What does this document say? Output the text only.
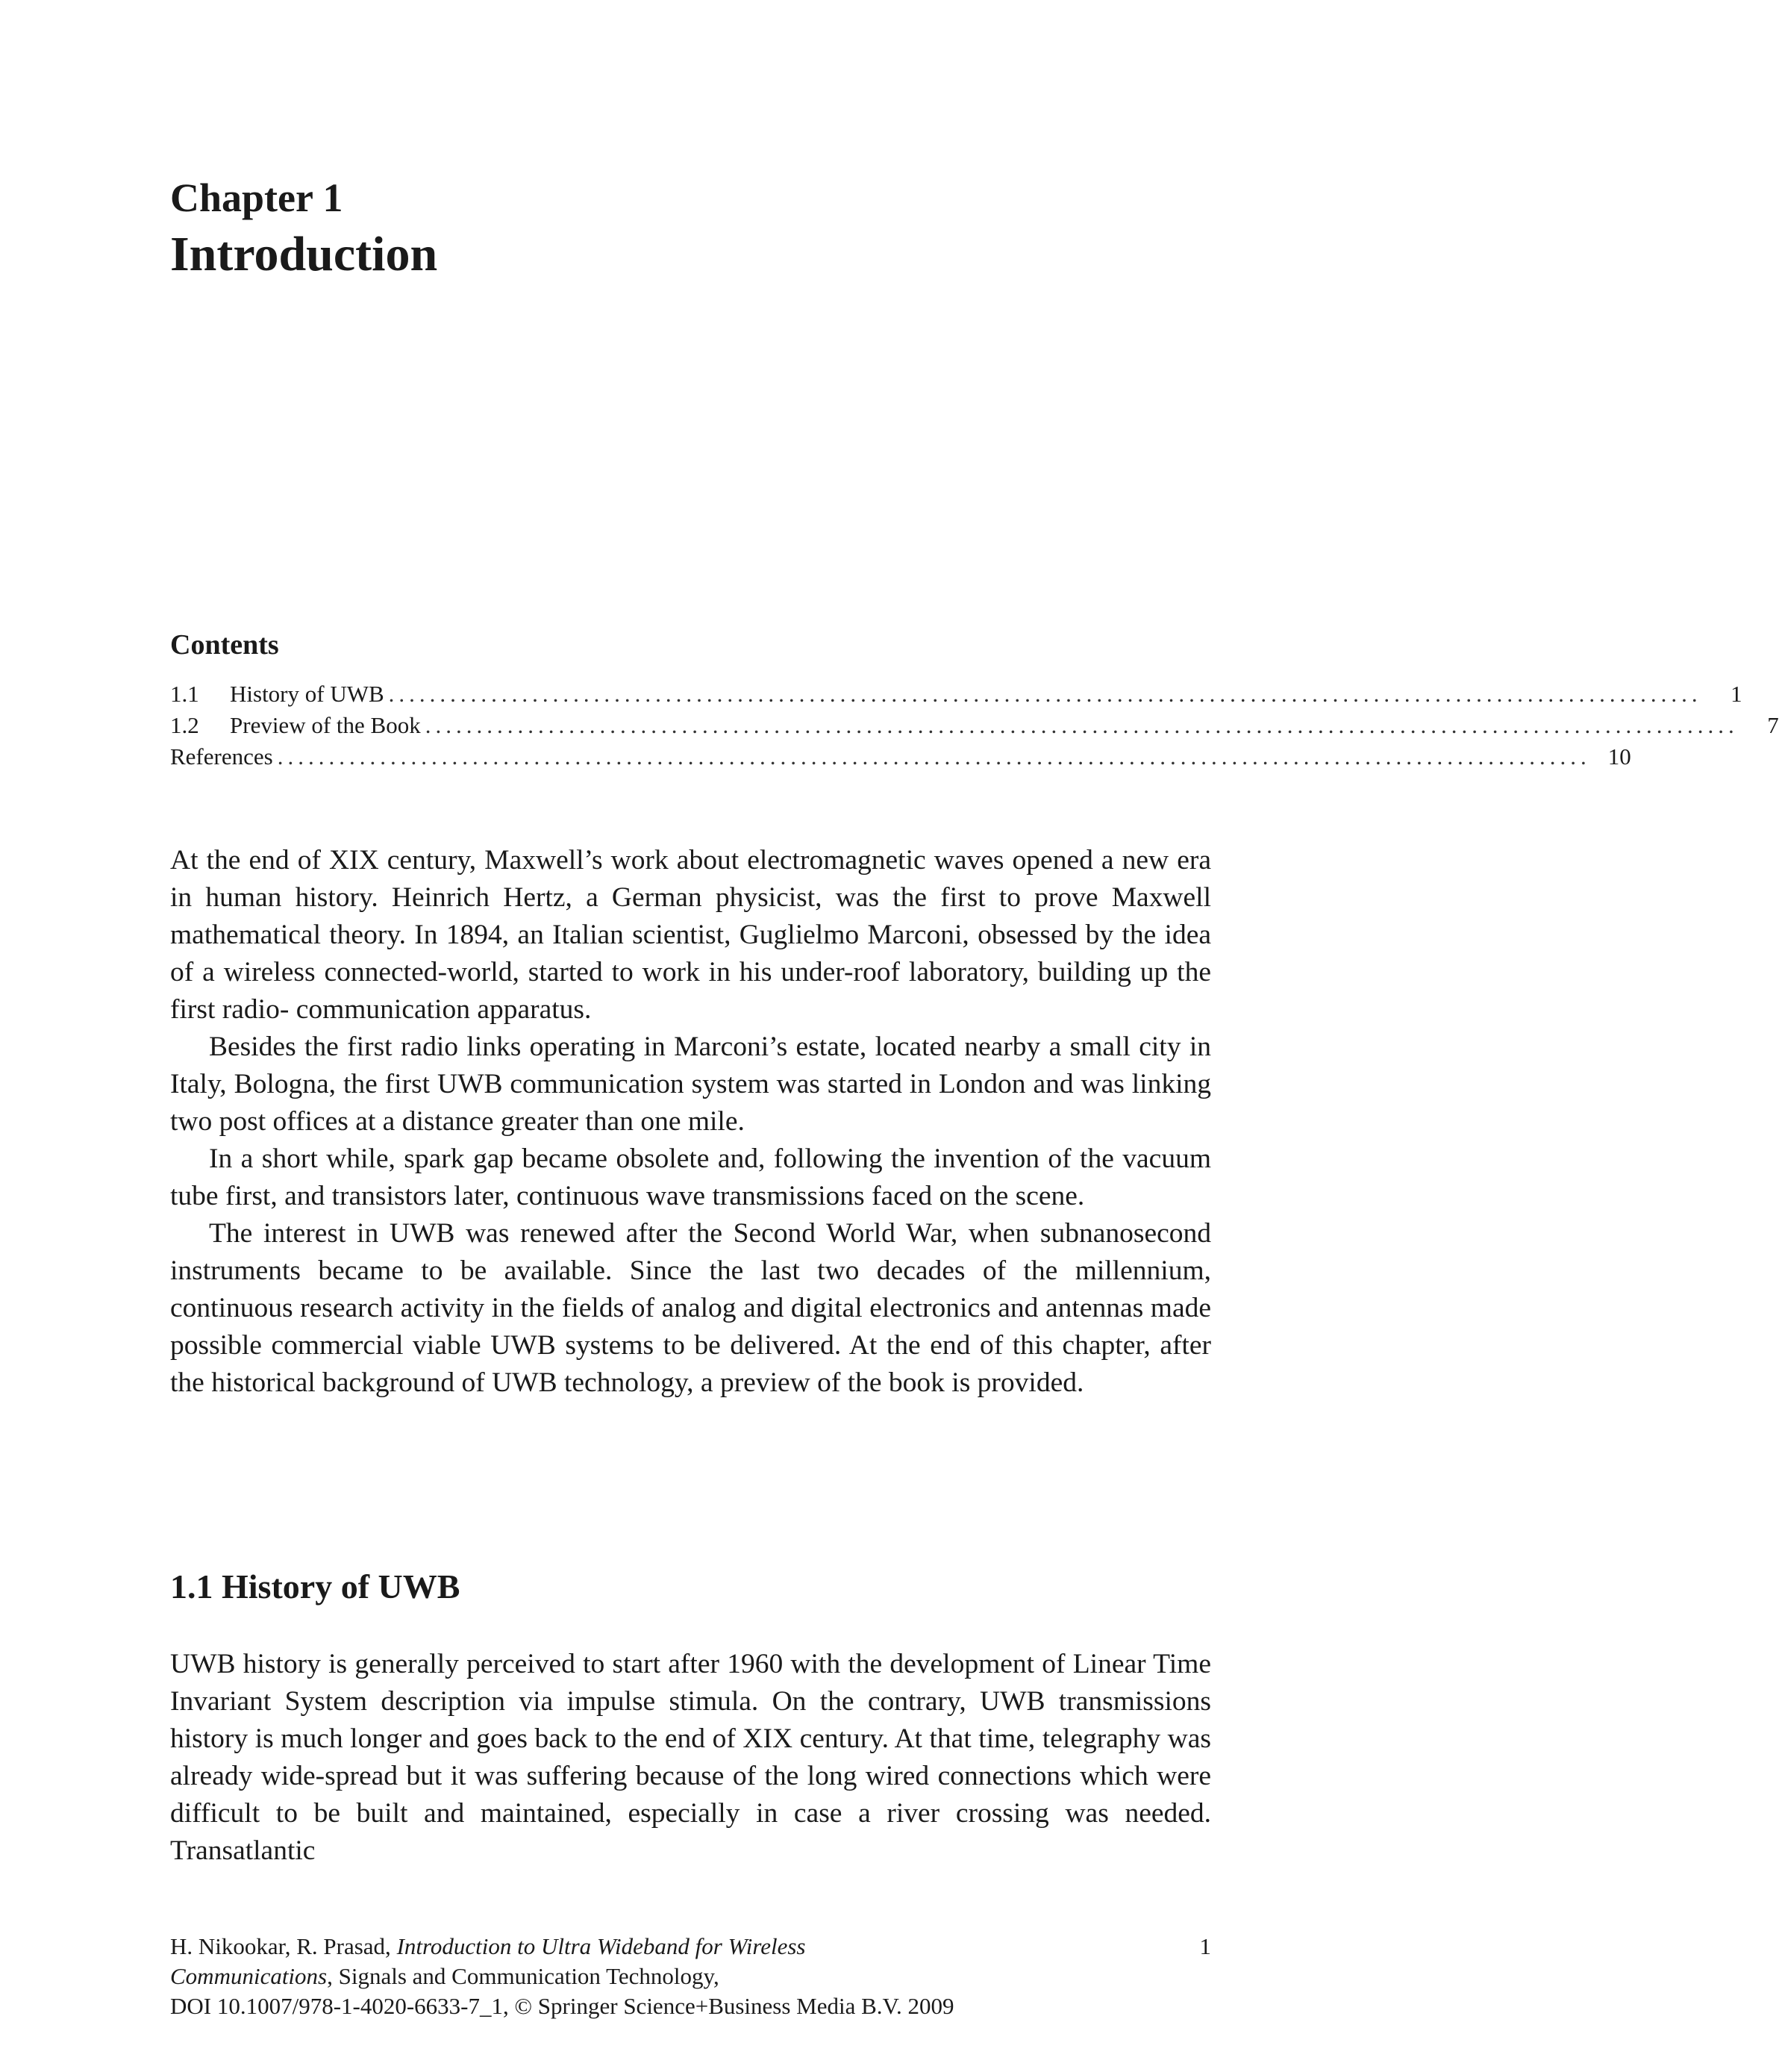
Chapter 1
Introduction
Contents
1.1	History of UWB ................................................................................................................................	1
1.2	Preview of the Book ................................................................................................................................	7
References ................................................................................................................................ 10

At the end of XIX century, Maxwell’s work about electromagnetic waves opened a new era in human history. Heinrich Hertz, a German physicist, was the first to prove Maxwell mathematical theory. In 1894, an Italian scientist, Guglielmo Marconi, obsessed by the idea of a wireless connected-world, started to work in his under-roof laboratory, building up the first radio- communication apparatus.

Besides the first radio links operating in Marconi’s estate, located nearby a small city in Italy, Bologna, the first UWB communication system was started in London and was linking two post offices at a distance greater than one mile.

In a short while, spark gap became obsolete and, following the invention of the vacuum tube first, and transistors later, continuous wave transmissions faced on the scene.

The interest in UWB was renewed after the Second World War, when subnanosecond instruments became to be available. Since the last two decades of the millennium, continuous research activity in the fields of analog and digital electronics and antennas made possible commercial viable UWB systems to be delivered. At the end of this chapter, after the historical background of UWB technology, a preview of the book is provided.

1.1 History of UWB

UWB history is generally perceived to start after 1960 with the development of Linear Time Invariant System description via impulse stimula. On the contrary, UWB transmissions history is much longer and goes back to the end of XIX century. At that time, telegraphy was already wide-spread but it was suffering because of the long wired connections which were difficult to be built and maintained, especially in case a river crossing was needed. Transatlantic

H. Nikookar, R. Prasad, Introduction to Ultra Wideband for Wireless
Communications, Signals and Communication Technology,
DOI 10.1007/978-1-4020-6633-7_1, © Springer Science+Business Media B.V. 2009
1
